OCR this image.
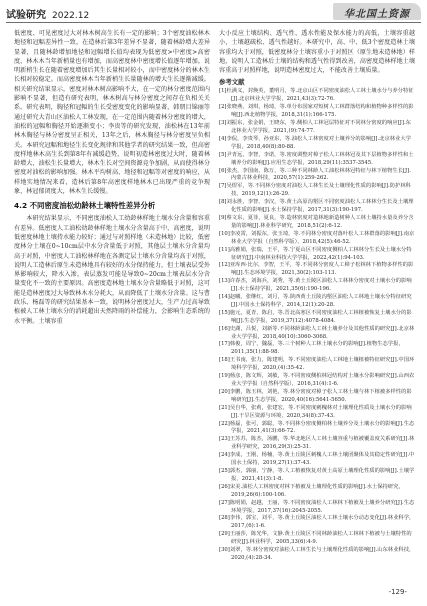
试验研究 2022.12	华北国土资源

低密度、可见密度过大对林木树高生长有一定的影响；3个密度油松林木地径和冠幅差异性一致，在造林后第3年差异不显著，随着林龄增大差异显著，且随林龄增加地径和冠幅增长值均表现为低密度>中密度>高密度，林木木当年新梢量也有增加，而高密度林中密度增长值逐年增加。说明新梢生长在随着密度增加后其生长量相对较小，而中密度林分的林木生长相对较稳定。而高密度林木当年新梢生长量随林的增大生长逐渐减缓。相关研究结果显示，密度对林木树高影响不大，在一定的林分密度范围内影响不显著，但造有研究表明，林木树高与林分密度之间存在负相关关系。研究表明，胸径和冠幅的生长受密度变化的影响显著，韩朋目锦丽等通过研究大青山区油松人工林发现，在一定范围内随着林分密度的增大，油松的冠幅和胸径开始逐渐变小；李贵等的研究发现，油松林在13年前林木胸径与林分密度呈正相关，13年之后，林木胸径与林分密度呈负相关。本研究冠幅和地径生长变化规律和其他学者的研究结果一致，但高密度样地林木高生长到第8年有减缓趋势，说明初造林密度过大时，随着林龄增大，油松生长量增大，林木生长对空间资源竞争加剧，从而使得林分密度对油松的影响加强。林木平均树高、地径和冠幅等对密度的响应，从样地实地情况来看，造林后第8年高密度样地林木已出现严重的竞争现象，林冠郁闭度大，林木生长缓慢。

4.2 不同密度油松幼龄林土壤特性差异分析

本研究结果显示，不同密度油松人工幼龄林样地土壤水分含量和容重有差异。低密度人工油松幼龄林样地土壤水分含量高于中、高密度，说明低密度林地土壤持水能力较好；通过与对照样地（未造林地）比较，低密度林分土壤在0~10cm层中水分含量低于对照，其他层土壤水分含量均高于对照，中密度人工油松林样地在各测定层土壤水分含量均高于对照，说明人工造林后原生未造林地具有较好的水分保持能力，但土壤表层受外界影响较大，降水入渗，表层蒸发可能是导致0~20cm土壤表层水分含量变化不一致的主要原因。高密度造林地土壤水分含量略低于对照，这可能是造林密度过大导致林木水分耗大，从而降低了土壤水分含量。这与曹政乐、杨磊等的研究结果基本一致，说明林分密度过大，生产力过高导致植被人工林土壤水分的消耗超出天然降雨的补偿能力，会影响生态系统的水平衡。土壤容重

大小反应土壤结构、透气性、透水性能及保水能力的高低，土壤容重越小，土壤越疏松、透气性越好。本研究中，高、中、低3个密度造林土壤容重均大于对照，低密度林分土壤容重小于对照区（原生地未造林地）样地，说明人工造林后土壤的结构和透气性得到改善，高密度造林样地土壤容重高于对照样地，说明造林密度过大，不能改善土壤质量。

参考文献
[1]杜满义，封焕英，董明月，等.北京山区不同密度油松人工林土壤水分与养分特征[J].北京林业大学学报，2021,43(3):72-76.
[2]张晓燕，刘琪，杨琦，等.单分布国家对短树人工林群落结构和植物种多样性的影响[J].西北植物学报，2018,31(1):166-175.
[3]刘振东，张金娟，王晓东，等.侧柏人工林冠层特征对不同林分密度的响应[J].东北林业大学学报，2021,(9):74-77.
[4]李侃，李贵琴，孙亚东，等.油松人工林密度对土壤养分的影响[J].北京林业大学学报，2018,40(8):80-88.
[5]尹青远，李智，李诺，等.密度调整对樟子松人工林林冠及其下层植物多样性和土壤养分的影响[J].应用生态学报，2018,29(11):3537-3545.
[6]张杰，李国南，陈万，等.三种不同林龄人工油松林林冠特征与林下植物生长[J].内蒙古林业科技，2020,57(1):259-262.
[7]吴煜军，等.不同林分密度对油松人工林生长及土壤理化性质的影响[J].防护林科技，2019,12(1):26-29.
[8]刘永胜，李智，李汉，等.黄土高原沟壑区不同密度油松人工林林分生长及土壤理化性质的影响[J].水土保持学报，2017,31(3):190-197.
[9]蔡文东，夏菲，夏良，等.造林密度对造林地新造树种人工林土壤持水量及养分含量的影响[J].林业科学研究，2018,51(2):6-12.
[10]李凌霄，刘振东，张玉琦，等.不同林分密度对落叶松人工林群落的影响[J].南京林业大学学报（自然科学版），2018,42(5):46-52.
[11]高雅娟，张瑞，王平，等.宁夏山区不同密度侧柏人工林林分生长及土壤水分特征研究[J].中南林业科技大学学报，2022,42(1):94-103.
[12]亚库西·比尔，李智，王平，等.不同林分密度人工樟子松林林下植物多样性的影响[J].生态环境学报，2021,30(2):103-113.
[13]许春杰，刘海兵，刘秀，等.黄土丘陵区油松人工林林分密度对土壤水分的影响[J].水土保持学报，2021,35(6):190-196.
[14]赵曦，张继红，刘月，等.陕西黄土丘陵沟壑区油松人工林地土壤水分特征研究[J].中国水土保持科学，2014,12(1):20-28.
[15]施元，夏青，陈启，等.晋北高寒区不同密度油松人工林植被恢复土壤水分的影响[J].生态学报，2019,37(12):4078-4084.
[16]史湖，吕悦，刘新等.不同林龄油松人工林土壤养分及其他性质的研究[J].北京林业大学学报，2018,40(10):3060-3068.
[17]韩俊，周宁，魏磊，等.三个树种人工林土壤水分的影响[J].植物生态学报，2011,35(1):88-98.
[18]王书南，张力，陈建明，等.不同密度油松人工林地土壤植被特征研究[J].中国环境科学学报，2020,(4):35-42.
[19]杨彦，陈文辉，刘敏，等.不同密度侧柏林冠结构对土壤水分影响研究[J].山西农业大学学报（自然科学版），2016,31(4):1-6.
[20]李鹏，陈玉林，刘艳，等.林分密度对樟子松人工林土壤与林下植被多样性的影响研究[J].生态学报，2020,40(16):5641-5650.
[21]吴自华，张莉，张建宏，等.不同密度刺槐林对土壤理化性质及土壤水分的影响[J].干旱区资源与环境，2020,34(8):37-43.
[22]杨磊，张可，郭聪，等.不同林分密度侧柏林土壤养分及土壤水分的影响[J].生态学报，2021,41(3):66-72.
[23]王苏苏，陈杰，汤鹏，等.华北地区人工林土壤容重与植被覆盖度关系研究[J].林业科学研究，2016,29(3):25-31.
[24]李成，王刚，杨楠，等.黄土丘陵区刺槐人工林土壤团聚体及其稳定性研究[J].中国水土保持，2019,27(1):37-43.
[25]郭杰，郭丽，宁静，等.人工植被恢复对黄土高原土壤理化性质的影响[J].土壤学报，2021,41(3):1-8.
[26]宋美.油松人工林密度对林下植被及土壤理化性质的影响[J].水土保持研究，2019,26(6):100-106.
[27]陈明娟，赵越，王丽，等.不同密度油松人工林林下植被及土壤养分研究[J].生态环境学报，2017,37(16):2045-2055.
[28]李伟，郭宝，刘平，等.黄土丘陵区油松人工林土壤水分动态变化[J].林业科学，2017,(6):1-6.
[29]王丽莎，陈光华，文静.黄土丘陵区不同林龄油松人工林林下植被与土壤特性的研究[J].林业科学，2005,33(6):4-9.
[30]刘翠，等.林分密度对油松人工林生长与土壤理化性质的影响[J].山东林业科技，2020,(4):28-34.
-129-
